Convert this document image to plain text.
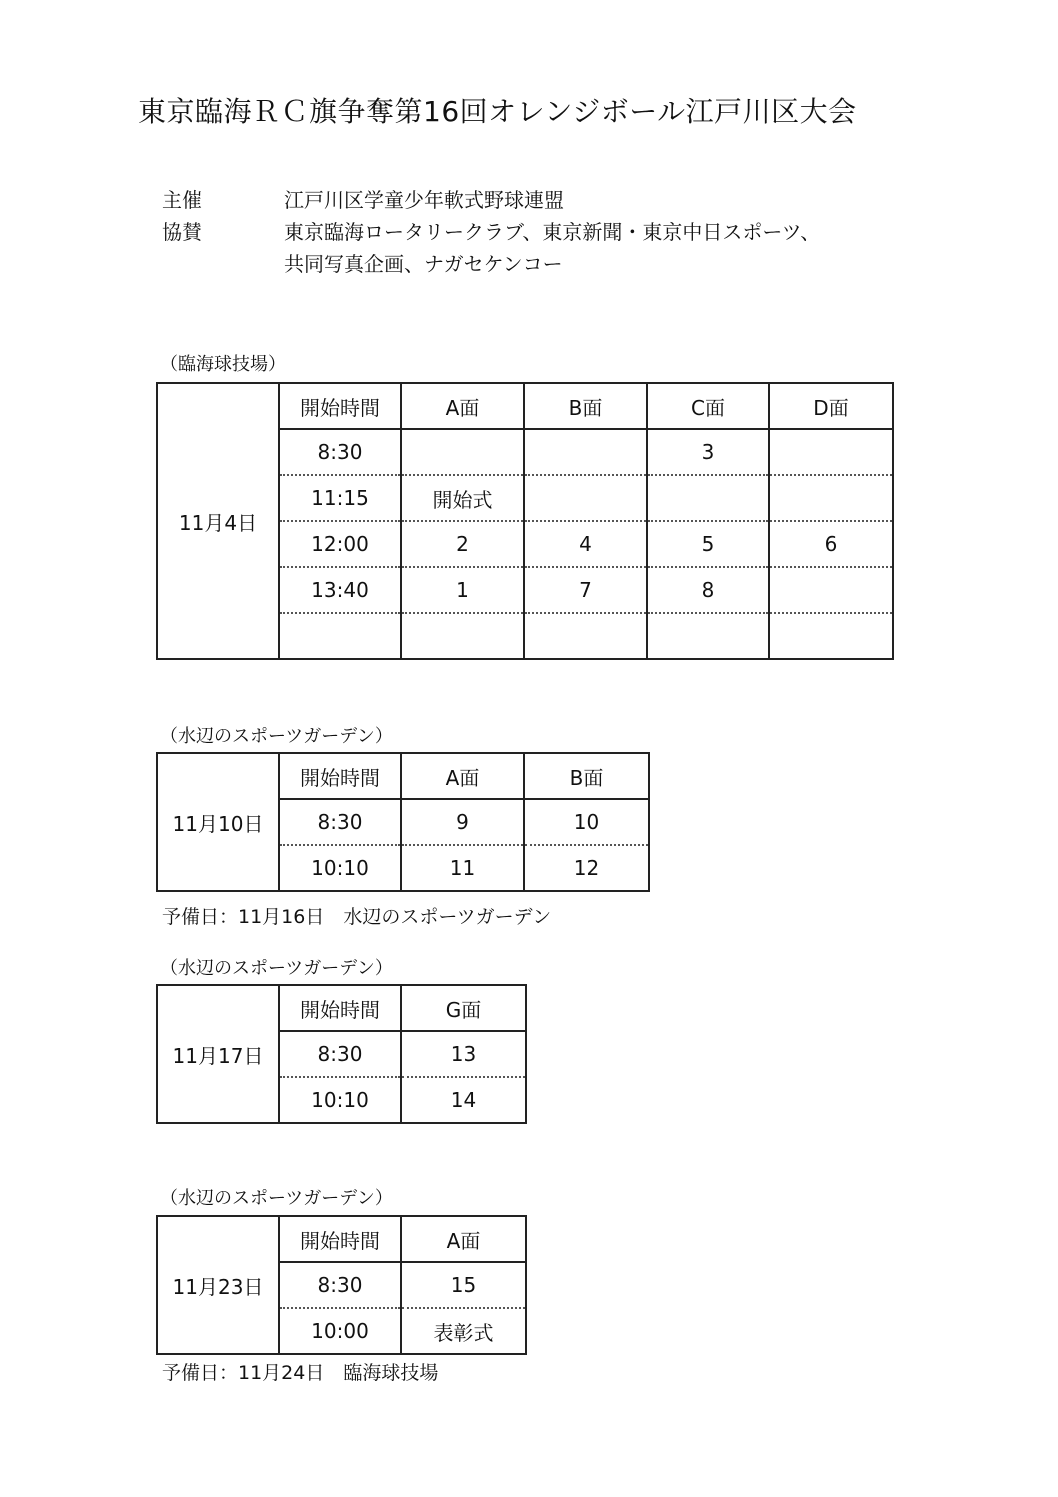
東京臨海ＲＣ旗争奪第16回オレンジボール江戸川区大会
主催	江戸川区学童少年軟式野球連盟
協賛	東京臨海ロータリークラブ、東京新聞・東京中日スポーツ、
共同写真企画、ナガセケンコー
（臨海球技場）
11月4日	開始時間	A面	B面	C面	D面
	8:30			3	
	11:15	開始式			
	12:00	2	4	5	6
	13:40	1	7	8	

（水辺のスポーツガーデン）
11月10日	開始時間	A面	B面
	8:30	9	10
	10:10	11	12
予備日：11月16日　水辺のスポーツガーデン
（水辺のスポーツガーデン）
11月17日	開始時間	G面
	8:30	13
	10:10	14
（水辺のスポーツガーデン）
11月23日	開始時間	A面
	8:30	15
	10:00	表彰式
予備日：11月24日　臨海球技場
